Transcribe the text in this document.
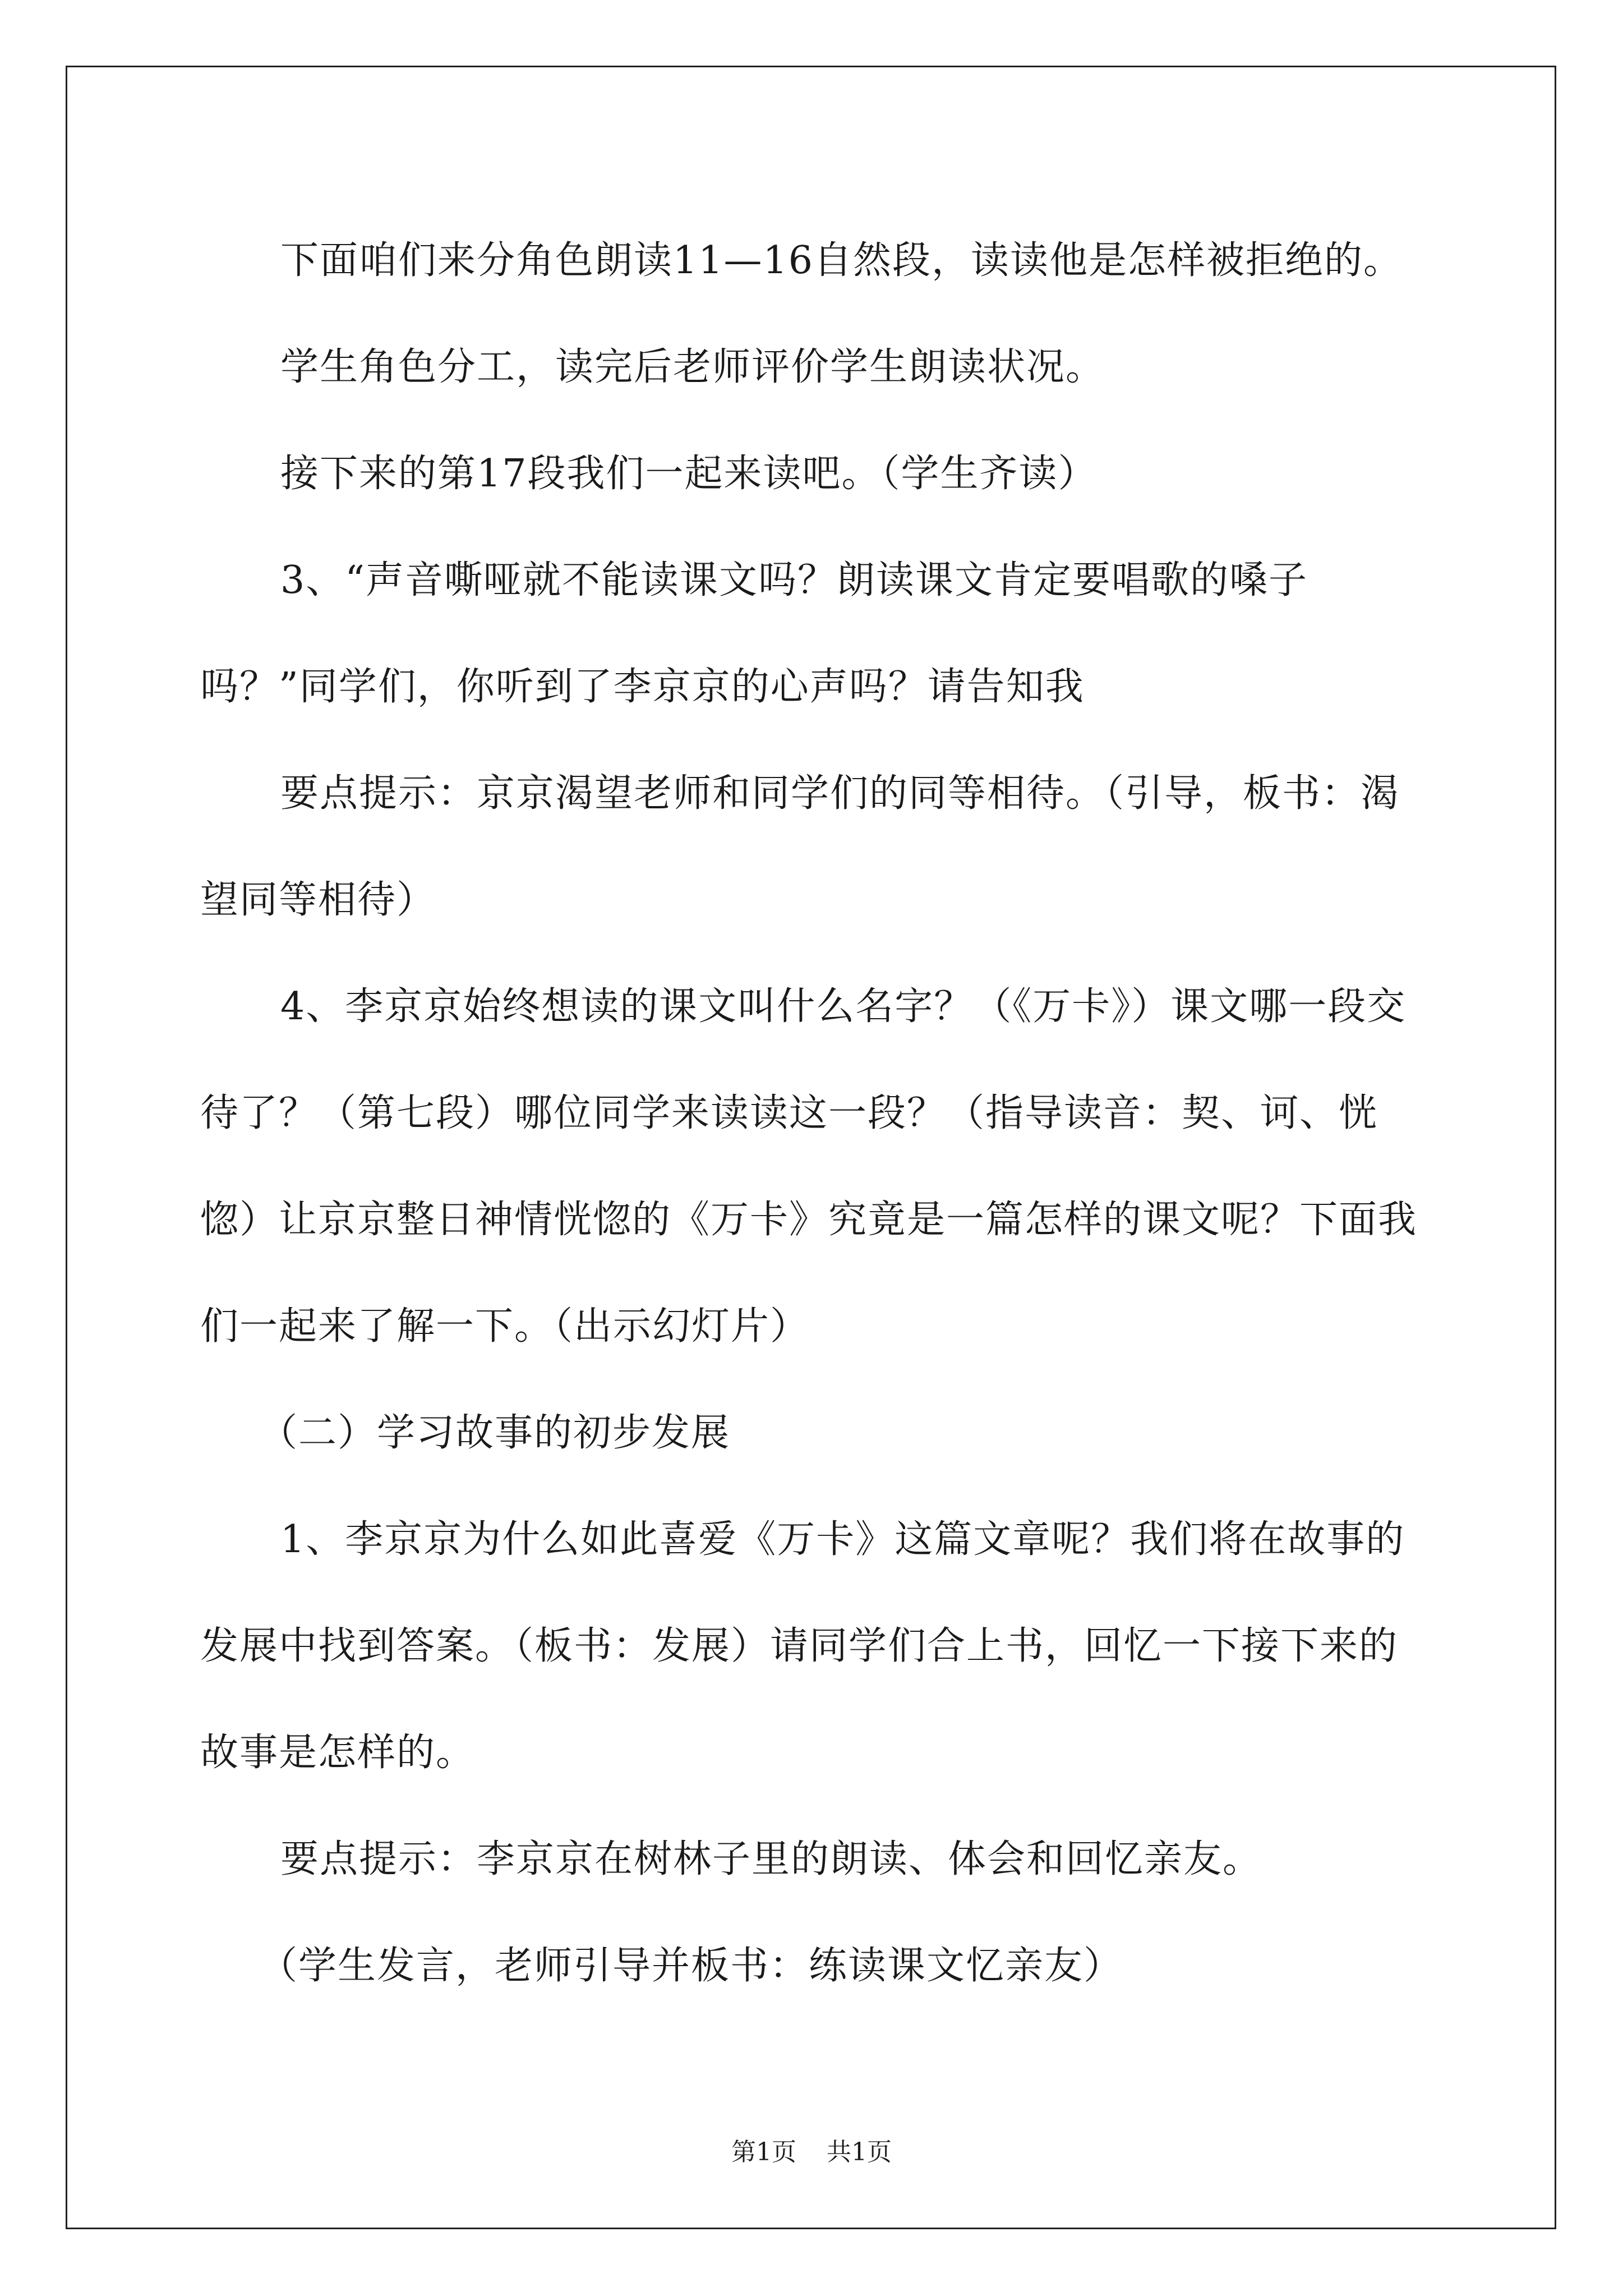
下面咱们来分角色朗读11—16自然段，读读他是怎样被拒绝的。

学生角色分工，读完后老师评价学生朗读状况。

接下来的第17段我们一起来读吧。（学生齐读）

3、“声音嘶哑就不能读课文吗？朗读课文肯定要唱歌的嗓子吗？”同学们，你听到了李京京的心声吗？请告知我

要点提示：京京渴望老师和同学们的同等相待。（引导，板书：渴望同等相待）

4、李京京始终想读的课文叫什么名字？（《万卡》）课文哪一段交待了？（第七段）哪位同学来读读这一段？（指导读音：契、诃、恍惚）让京京整日神情恍惚的《万卡》究竟是一篇怎样的课文呢？下面我们一起来了解一下。（出示幻灯片）

（二）学习故事的初步发展

1、李京京为什么如此喜爱《万卡》这篇文章呢？我们将在故事的发展中找到答案。（板书：发展）请同学们合上书，回忆一下接下来的故事是怎样的。

要点提示：李京京在树林子里的朗读、体会和回忆亲友。

（学生发言，老师引导并板书：练读课文忆亲友）

第1页 共1页
